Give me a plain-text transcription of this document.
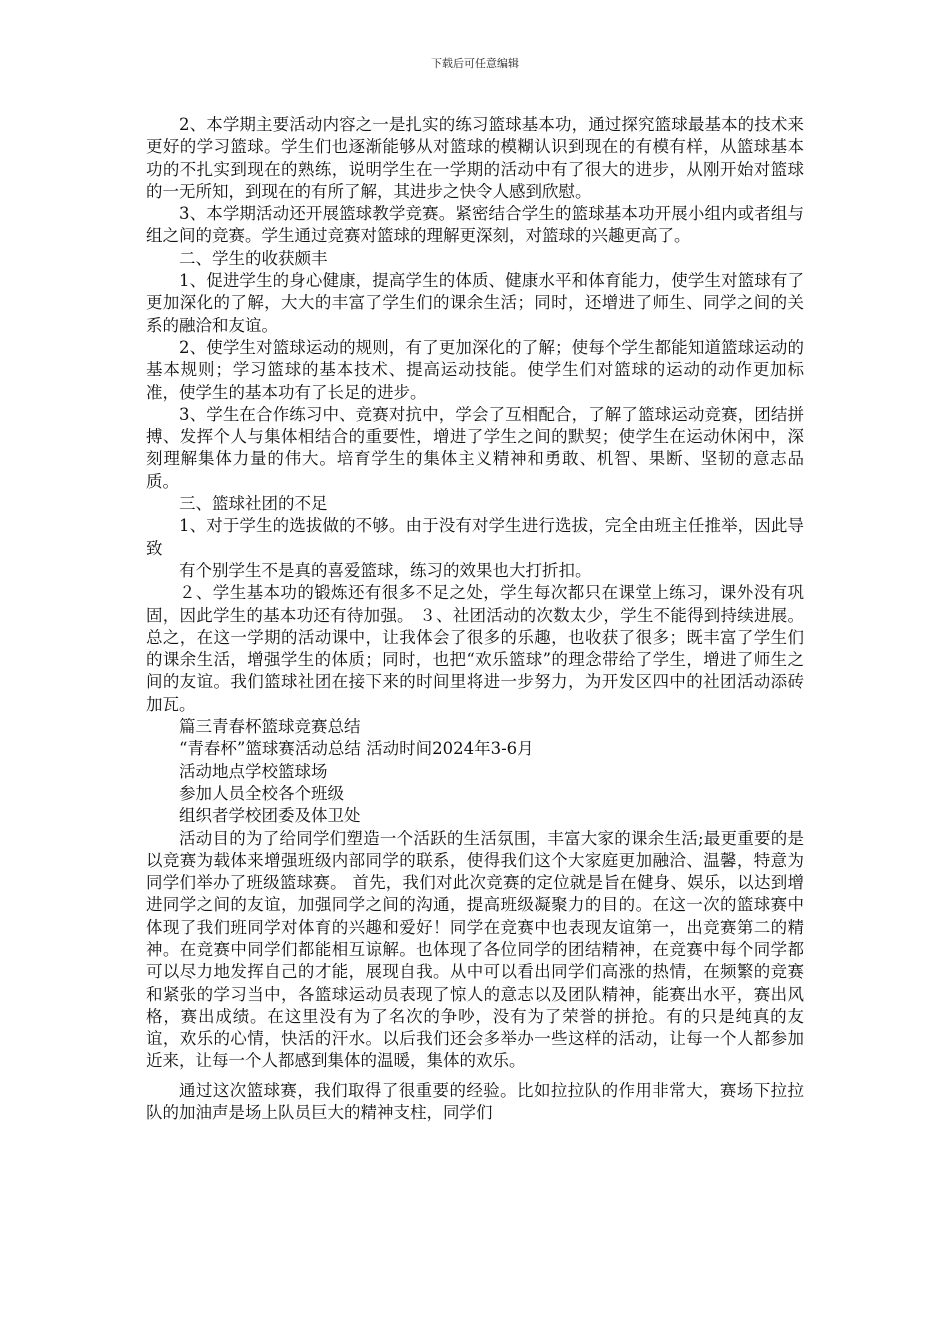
下载后可任意编辑

2、本学期主要活动内容之一是扎实的练习篮球基本功，通过探究篮球最基本的技术来更好的学习篮球。学生们也逐渐能够从对篮球的模糊认识到现在的有模有样，从篮球基本功的不扎实到现在的熟练，说明学生在一学期的活动中有了很大的进步，从刚开始对篮球的一无所知，到现在的有所了解，其进步之快令人感到欣慰。

3、本学期活动还开展篮球教学竞赛。紧密结合学生的篮球基本功开展小组内或者组与组之间的竞赛。学生通过竞赛对篮球的理解更深刻，对篮球的兴趣更高了。

二、学生的收获颇丰

1、促进学生的身心健康，提高学生的体质、健康水平和体育能力，使学生对篮球有了更加深化的了解，大大的丰富了学生们的课余生活；同时，还增进了师生、同学之间的关系的融洽和友谊。

2、使学生对篮球运动的规则，有了更加深化的了解；使每个学生都能知道篮球运动的基本规则；学习篮球的基本技术、提高运动技能。使学生们对篮球的运动的动作更加标准，使学生的基本功有了长足的进步。

3、学生在合作练习中、竞赛对抗中，学会了互相配合，了解了篮球运动竞赛，团结拼搏、发挥个人与集体相结合的重要性，增进了学生之间的默契；使学生在运动休闲中，深刻理解集体力量的伟大。培育学生的集体主义精神和勇敢、机智、果断、坚韧的意志品质。

三、篮球社团的不足

1、对于学生的选拔做的不够。由于没有对学生进行选拔，完全由班主任推举，因此导致

有个别学生不是真的喜爱篮球，练习的效果也大打折扣。

２、学生基本功的锻炼还有很多不足之处，学生每次都只在课堂上练习，课外没有巩固，因此学生的基本功还有待加强。 ３、社团活动的次数太少，学生不能得到持续进展。总之，在这一学期的活动课中，让我体会了很多的乐趣，也收获了很多；既丰富了学生们的课余生活，增强学生的体质；同时，也把“欢乐篮球”的理念带给了学生，增进了师生之间的友谊。我们篮球社团在接下来的时间里将进一步努力，为开发区四中的社团活动添砖加瓦。

篇三青春杯篮球竞赛总结

“青春杯”篮球赛活动总结 活动时间2024年3-6月

活动地点学校篮球场

参加人员全校各个班级

组织者学校团委及体卫处

活动目的为了给同学们塑造一个活跃的生活氛围，丰富大家的课余生活;最更重要的是以竞赛为载体来增强班级内部同学的联系，使得我们这个大家庭更加融洽、温馨，特意为同学们举办了班级篮球赛。 首先，我们对此次竞赛的定位就是旨在健身、娱乐，以达到增进同学之间的友谊，加强同学之间的沟通，提高班级凝聚力的目的。在这一次的篮球赛中体现了我们班同学对体育的兴趣和爱好！同学在竞赛中也表现友谊第一，出竞赛第二的精神。在竞赛中同学们都能相互谅解。也体现了各位同学的团结精神，在竞赛中每个同学都可以尽力地发挥自己的才能，展现自我。从中可以看出同学们高涨的热情，在频繁的竞赛和紧张的学习当中，各篮球运动员表现了惊人的意志以及团队精神，能赛出水平，赛出风格，赛出成绩。在这里没有为了名次的争吵，没有为了荣誉的拼抢。有的只是纯真的友谊，欢乐的心情，快活的汗水。以后我们还会多举办一些这样的活动，让每一个人都参加近来，让每一个人都感到集体的温暖，集体的欢乐。

通过这次篮球赛，我们取得了很重要的经验。比如拉拉队的作用非常大，赛场下拉拉队的加油声是场上队员巨大的精神支柱，同学们
